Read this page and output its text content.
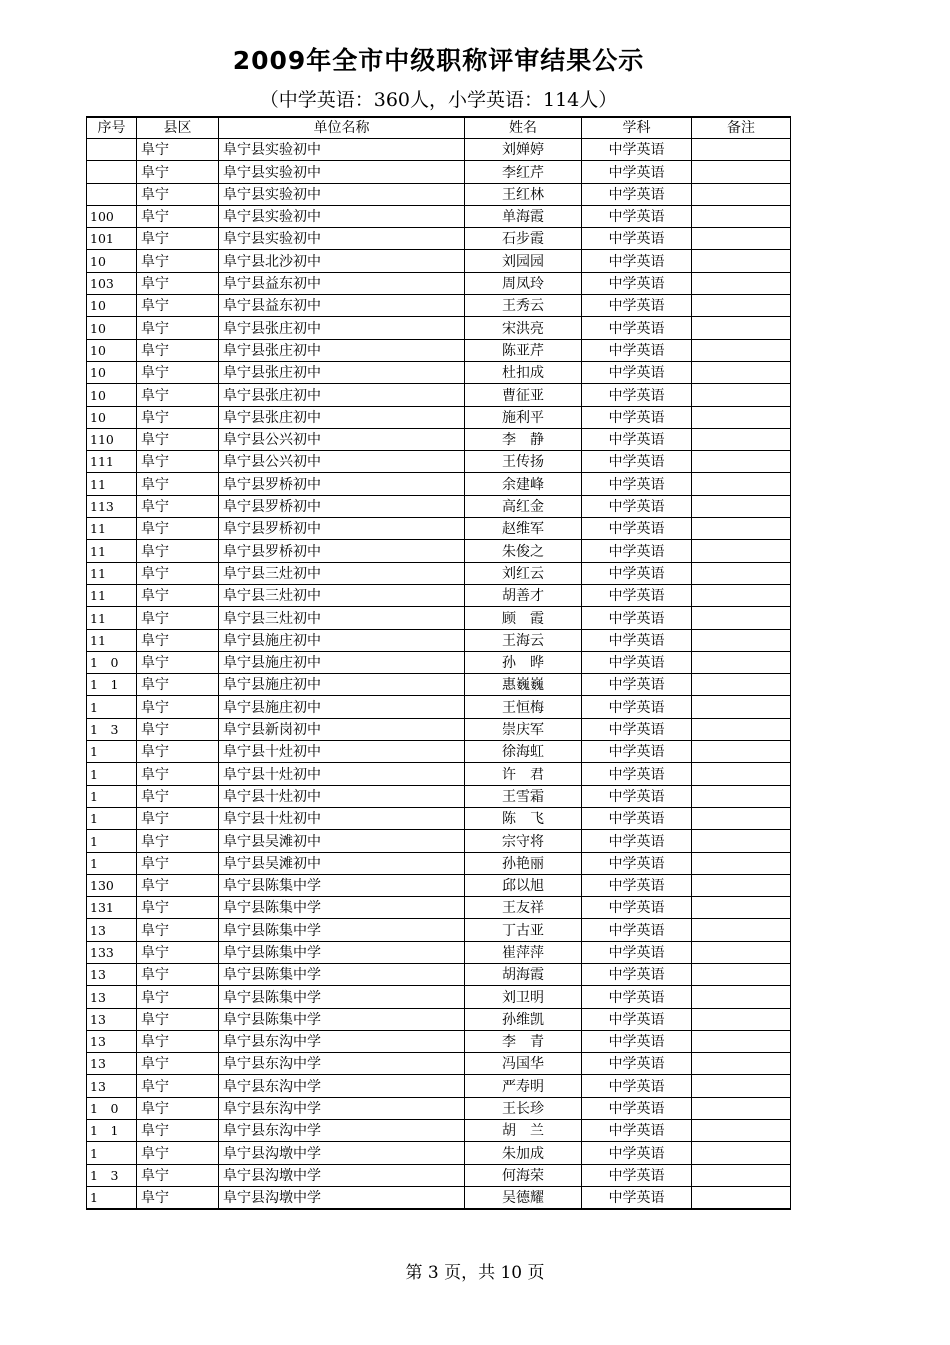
2009年全市中级职称评审结果公示
（中学英语：360人，小学英语：114人）
序号	县区	单位名称	姓名	学科	备注
	阜宁	阜宁县实验初中	刘婵婷	中学英语	
	阜宁	阜宁县实验初中	李红芹	中学英语	
	阜宁	阜宁县实验初中	王红林	中学英语	
100	阜宁	阜宁县实验初中	单海霞	中学英语	
101	阜宁	阜宁县实验初中	石步霞	中学英语	
10	阜宁	阜宁县北沙初中	刘园园	中学英语	
103	阜宁	阜宁县益东初中	周凤玲	中学英语	
10	阜宁	阜宁县益东初中	王秀云	中学英语	
10	阜宁	阜宁县张庄初中	宋洪亮	中学英语	
10	阜宁	阜宁县张庄初中	陈亚芹	中学英语	
10	阜宁	阜宁县张庄初中	杜扣成	中学英语	
10	阜宁	阜宁县张庄初中	曹征亚	中学英语	
10	阜宁	阜宁县张庄初中	施利平	中学英语	
110	阜宁	阜宁县公兴初中	李　静	中学英语	
111	阜宁	阜宁县公兴初中	王传扬	中学英语	
11	阜宁	阜宁县罗桥初中	余建峰	中学英语	
113	阜宁	阜宁县罗桥初中	高红金	中学英语	
11	阜宁	阜宁县罗桥初中	赵维军	中学英语	
11	阜宁	阜宁县罗桥初中	朱俊之	中学英语	
11	阜宁	阜宁县三灶初中	刘红云	中学英语	
11	阜宁	阜宁县三灶初中	胡善才	中学英语	
11	阜宁	阜宁县三灶初中	顾　霞	中学英语	
11	阜宁	阜宁县施庄初中	王海云	中学英语	
1　0	阜宁	阜宁县施庄初中	孙　晔	中学英语	
1　1	阜宁	阜宁县施庄初中	惠巍巍	中学英语	
1	阜宁	阜宁县施庄初中	王恒梅	中学英语	
1　3	阜宁	阜宁县新岗初中	崇庆军	中学英语	
1	阜宁	阜宁县十灶初中	徐海虹	中学英语	
1	阜宁	阜宁县十灶初中	许　君	中学英语	
1	阜宁	阜宁县十灶初中	王雪霜	中学英语	
1	阜宁	阜宁县十灶初中	陈　飞	中学英语	
1	阜宁	阜宁县吴滩初中	宗守将	中学英语	
1	阜宁	阜宁县吴滩初中	孙艳丽	中学英语	
130	阜宁	阜宁县陈集中学	邱以旭	中学英语	
131	阜宁	阜宁县陈集中学	王友祥	中学英语	
13	阜宁	阜宁县陈集中学	丁古亚	中学英语	
133	阜宁	阜宁县陈集中学	崔萍萍	中学英语	
13	阜宁	阜宁县陈集中学	胡海霞	中学英语	
13	阜宁	阜宁县陈集中学	刘卫明	中学英语	
13	阜宁	阜宁县陈集中学	孙维凯	中学英语	
13	阜宁	阜宁县东沟中学	李　青	中学英语	
13	阜宁	阜宁县东沟中学	冯国华	中学英语	
13	阜宁	阜宁县东沟中学	严寿明	中学英语	
1　0	阜宁	阜宁县东沟中学	王长珍	中学英语	
1　1	阜宁	阜宁县东沟中学	胡　兰	中学英语	
1	阜宁	阜宁县沟墩中学	朱加成	中学英语	
1　3	阜宁	阜宁县沟墩中学	何海荣	中学英语	
1	阜宁	阜宁县沟墩中学	吴德耀	中学英语	
第 3 页，共 10 页
